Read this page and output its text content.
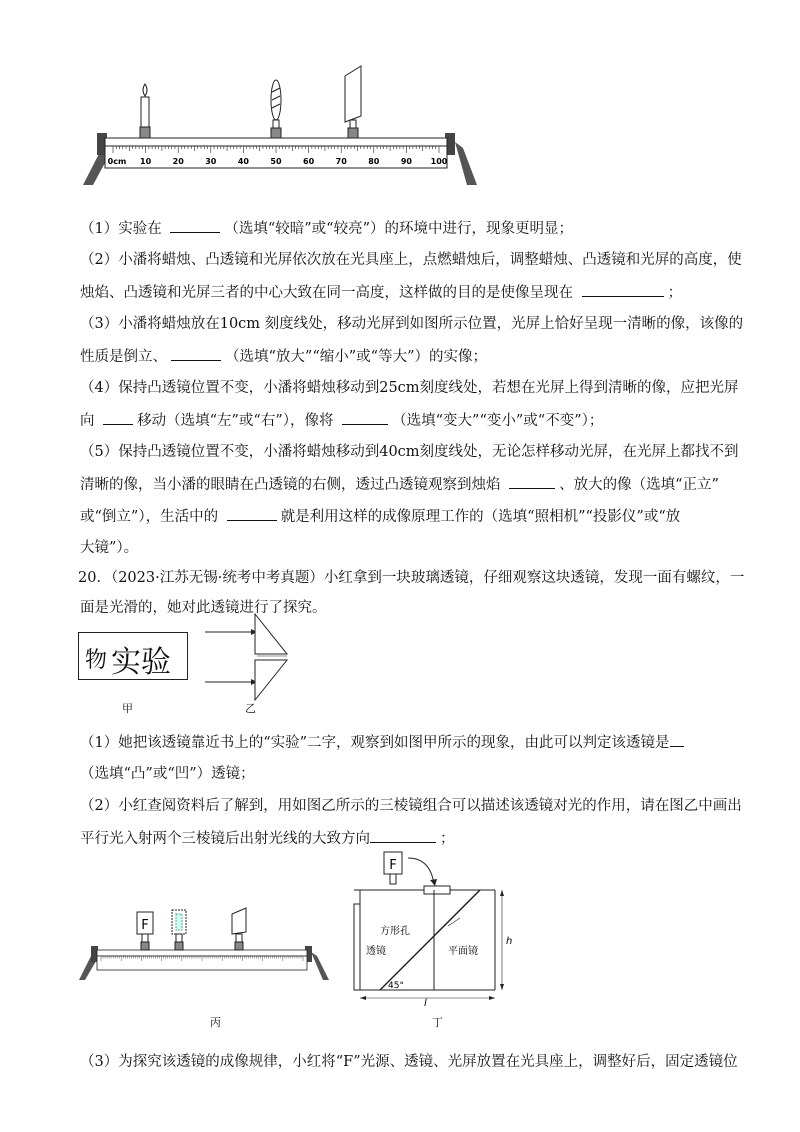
0cm 10	20	30	40	50	60	70	80	90 100
（1）实验在	（选填“较暗”或“较亮”）的环境中进行，现象更明显；
（2）小潘将蜡烛、凸透镜和光屏依次放在光具座上，点燃蜡烛后，调整蜡烛、凸透镜和光屏的高度，使
烛焰、凸透镜和光屏三者的中心大致在同一高度，这样做的目的是使像呈现在	；
（3）小潘将蜡烛放在10cm 刻度线处，移动光屏到如图所示位置，光屏上恰好呈现一清晰的像，该像的
性质是倒立、	（选填“放大”“缩小”或“等大”）的实像；
（4）保持凸透镜位置不变，小潘将蜡烛移动到25cm刻度线处，若想在光屏上得到清晰的像，应把光屏
向	移动（选填“左”或“右”），像将	（选填“变大”“变小”或“不变”）；
（5）保持凸透镜位置不变，小潘将蜡烛移动到40cm刻度线处，无论怎样移动光屏，在光屏上都找不到
清晰的像，当小潘的眼睛在凸透镜的右侧，透过凸透镜观察到烛焰	、放大的像（选填“正立”
或“倒立”），生活中的	就是利用这样的成像原理工作的（选填“照相机”“投影仪”或“放
大镜”）。
20．（2023·江苏无锡·统考中考真题）小红拿到一块玻璃透镜，仔细观察这块透镜，发现一面有螺纹，一
面是光滑的，她对此透镜进行了探究。
物 实验
甲	乙
（1）她把该透镜靠近书上的“实验”二字，观察到如图甲所示的现象，由此可以判定该透镜是
（选填“凸”或“凹”）透镜；
（2）小红查阅资料后了解到，用如图乙所示的三棱镜组合可以描述该透镜对光的作用，请在图乙中画出
平行光入射两个三棱镜后出射光线的大致方向	；
F
丙
F
45°
方形孔
透镜	平面镜
h
l
丁
（3）为探究该透镜的成像规律，小红将“F”光源、透镜、光屏放置在光具座上，调整好后，固定透镜位
